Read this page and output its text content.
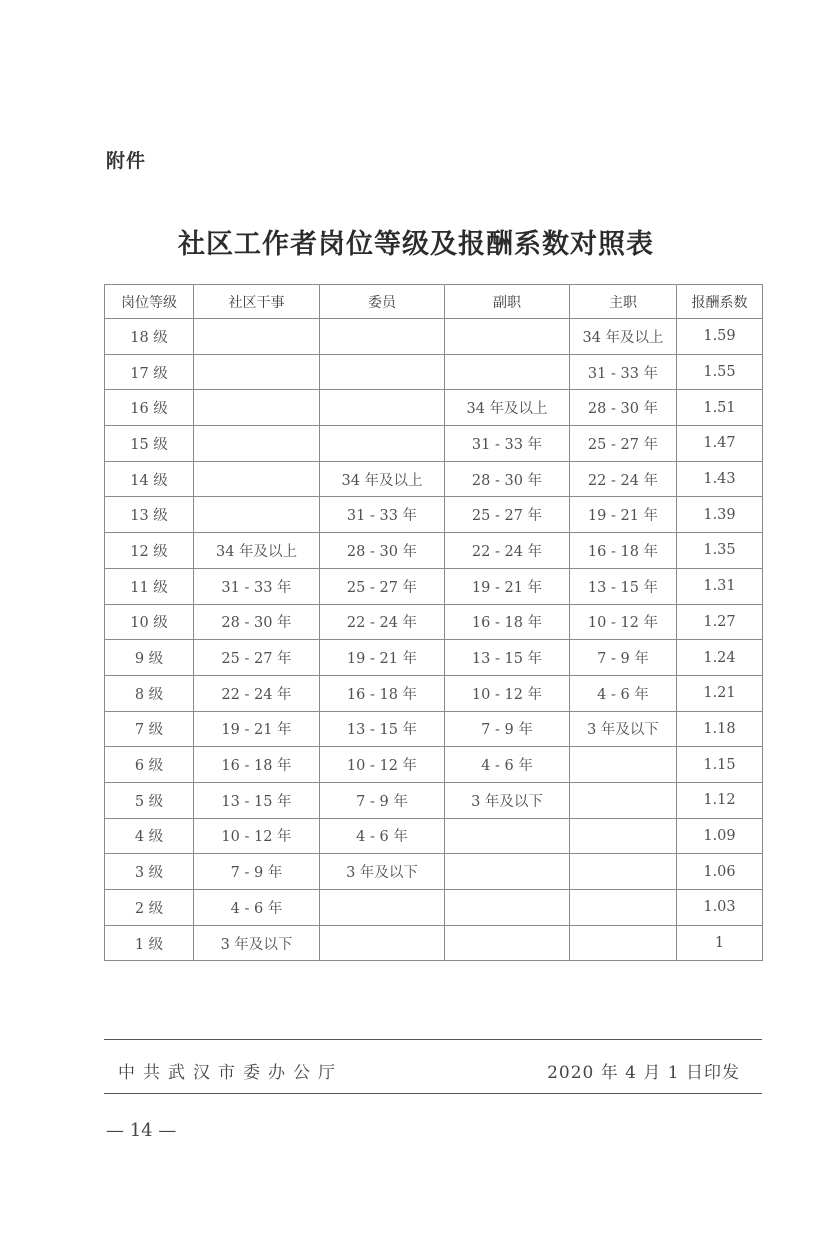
附件
社区工作者岗位等级及报酬系数对照表
岗位等级	社区干事	委员	副职	主职	报酬系数
18 级				34 年及以上	1.59
17 级				31 - 33 年	1.55
16 级			34 年及以上	28 - 30 年	1.51
15 级			31 - 33 年	25 - 27 年	1.47
14 级		34 年及以上	28 - 30 年	22 - 24 年	1.43
13 级		31 - 33 年	25 - 27 年	19 - 21 年	1.39
12 级	34 年及以上	28 - 30 年	22 - 24 年	16 - 18 年	1.35
11 级	31 - 33 年	25 - 27 年	19 - 21 年	13 - 15 年	1.31
10 级	28 - 30 年	22 - 24 年	16 - 18 年	10 - 12 年	1.27
9 级	25 - 27 年	19 - 21 年	13 - 15 年	7 - 9 年	1.24
8 级	22 - 24 年	16 - 18 年	10 - 12 年	4 - 6 年	1.21
7 级	19 - 21 年	13 - 15 年	7 - 9 年	3 年及以下	1.18
6 级	16 - 18 年	10 - 12 年	4 - 6 年		1.15
5 级	13 - 15 年	7 - 9 年	3 年及以下		1.12
4 级	10 - 12 年	4 - 6 年			1.09
3 级	7 - 9 年	3 年及以下			1.06
2 级	4 - 6 年				1.03
1 级	3 年及以下				1
中共武汉市委办公厅	2020 年 4 月 1 日印发
— 14 —
